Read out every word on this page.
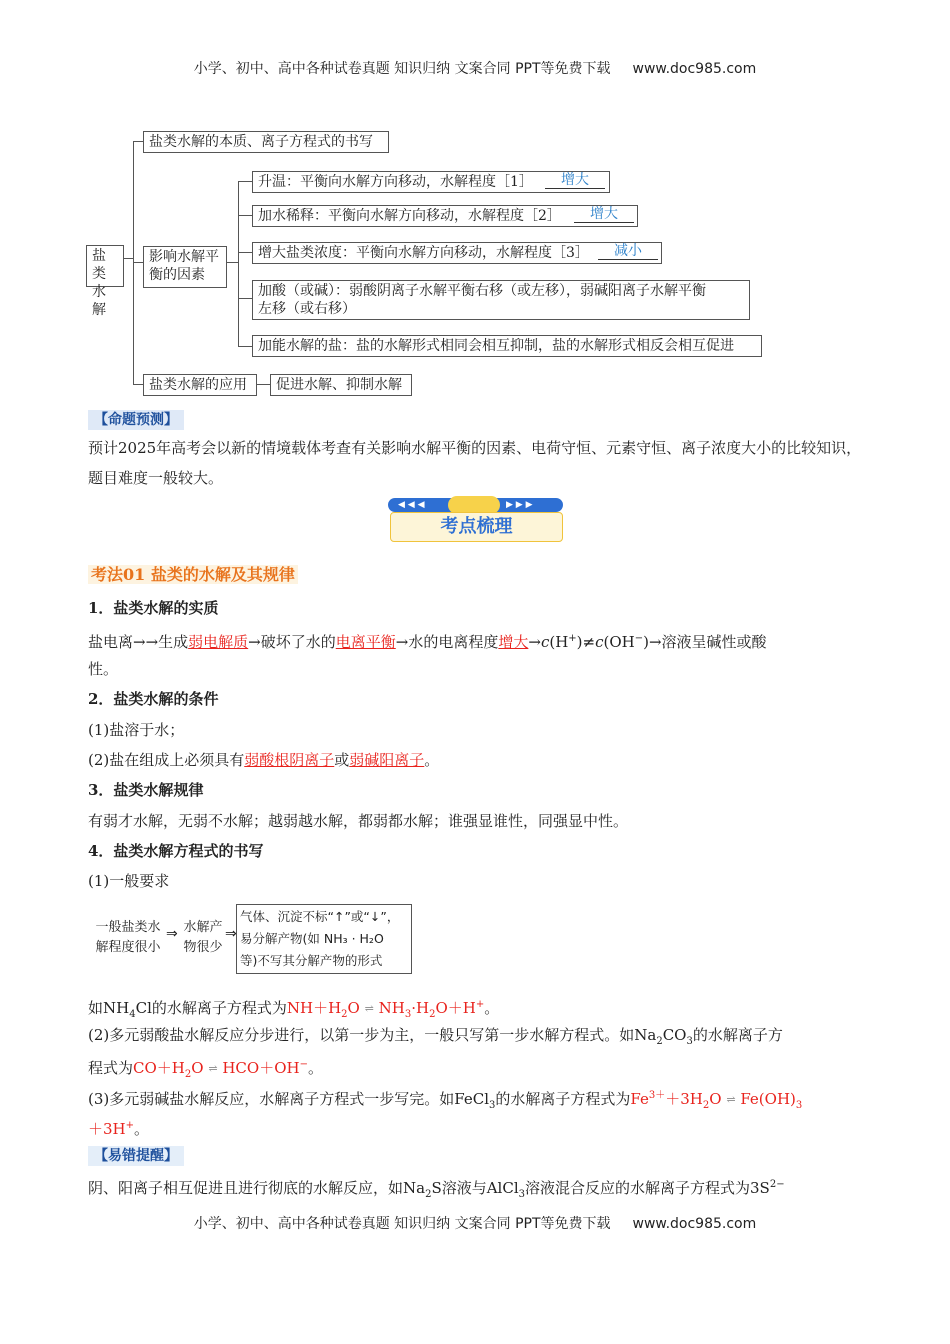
小学、初中、高中各种试卷真题 知识归纳 文案合同 PPT等免费下载 www.doc985.com
盐类
水解
盐类水解的本质、离子方程式的书写
影响水解平
衡的因素
盐类水解的应用	促进水解、抑制水解
升温：平衡向水解方向移动，水解程度［1］	增大
加水稀释：平衡向水解方向移动，水解程度［2］	增大
增大盐类浓度：平衡向水解方向移动，水解程度［3］	减小
加酸（或碱）：弱酸阴离子水解平衡右移（或左移），弱碱阳离子水解平衡
左移（或右移）
加能水解的盐：盐的水解形式相同会相互抑制，盐的水解形式相反会相互促进
【命题预测】
预计2025年高考会以新的情境载体考查有关影响水解平衡的因素、电荷守恒、元素守恒、离子浓度大小的比较知识，题目难度一般较大。
◀ ◀ ◀	▶ ▶ ▶
考点梳理
考法01 盐类的水解及其规律
1．盐类水解的实质
盐电离→→生成弱电解质→破坏了水的电离平衡→水的电离程度增大→c(H+)≠c(OH−)→溶液呈碱性或酸
性。
2．盐类水解的条件
(1)盐溶于水；
(2)盐在组成上必须具有弱酸根阴离子或弱碱阳离子。
3．盐类水解规律
有弱才水解，无弱不水解；越弱越水解，都弱都水解；谁强显谁性，同强显中性。
4．盐类水解方程式的书写
(1)一般要求
一般盐类水
解程度很小
⇒ 水解产
物很少
⇒
气体、沉淀不标“↑”或“↓”，
易分解产物(如 NH₃ · H₂O
等)不写其分解产物的形式
如$NH_4Cl$的水解离子方程式为$NH+H_2O$ ⇌ $NH_3\cdot H_2O+H^+$。
(2)多元弱酸盐水解反应分步进行，以第一步为主，一般只写第一步水解方程式。如$Na_2CO_3$的水解离子方
程式为$CO+H_2O$ ⇌ HCO＋OH−。
(3)多元弱碱盐水解反应，水解离子方程式一步写完。如FeCl$_3$的水解离子方程式为$Fe^{3+}+3H_2O$ ⇌ $Fe(OH)_3$
＋3H+。
【易错提醒】
阴、阳离子相互促进且进行彻底的水解反应，如$Na_2S$溶液与AlCl$_3$溶液混合反应的水解离子方程式为$3S^{2-}$
小学、初中、高中各种试卷真题 知识归纳 文案合同 PPT等免费下载 www.doc985.com
